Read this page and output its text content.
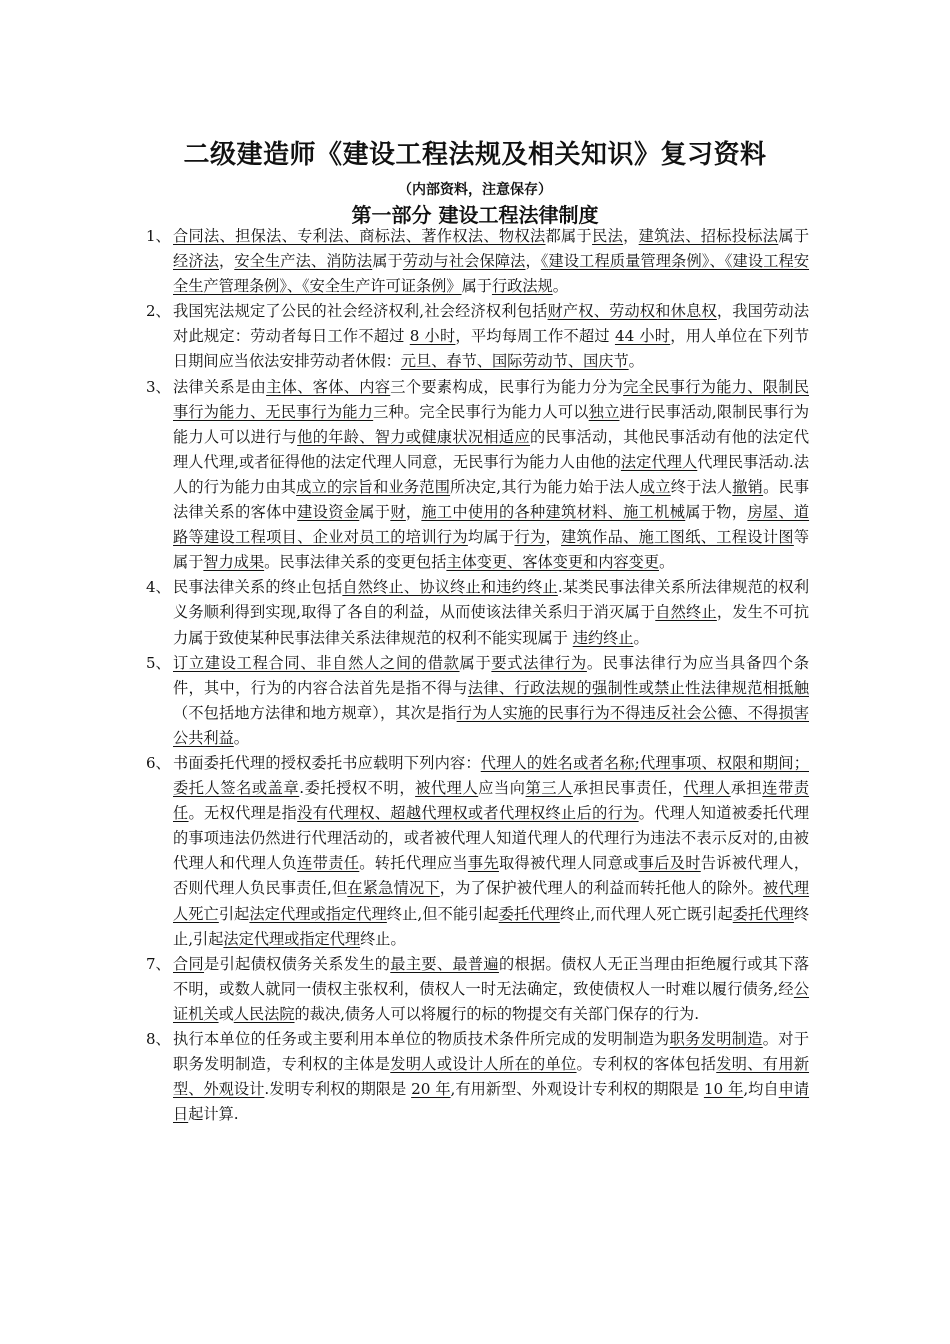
二级建造师《建设工程法规及相关知识》复习资料
（内部资料，注意保存）
第一部分 建设工程法律制度
1、 合同法、担保法、专利法、商标法、著作权法、物权法都属于民法，建筑法、招标投标法属于经济法，安全生产法、消防法属于劳动与社会保障法，《建设工程质量管理条例》、《建设工程安全生产管理条例》、《安全生产许可证条例》属于行政法规。
2、 我国宪法规定了公民的社会经济权利,社会经济权利包括财产权、劳动权和休息权，我国劳动法对此规定：劳动者每日工作不超过 8 小时，平均每周工作不超过 44 小时，用人单位在下列节日期间应当依法安排劳动者休假：元旦、春节、国际劳动节、国庆节。
3、 法律关系是由主体、客体、内容三个要素构成，民事行为能力分为完全民事行为能力、限制民事行为能力、无民事行为能力三种。完全民事行为能力人可以独立进行民事活动,限制民事行为能力人可以进行与他的年龄、智力或健康状况相适应的民事活动，其他民事活动有他的法定代理人代理,或者征得他的法定代理人同意，无民事行为能力人由他的法定代理人代理民事活动.法人的行为能力由其成立的宗旨和业务范围所决定,其行为能力始于法人成立终于法人撤销。民事法律关系的客体中建设资金属于财，施工中使用的各种建筑材料、施工机械属于物，房屋、道路等建设工程项目、企业对员工的培训行为均属于行为，建筑作品、施工图纸、工程设计图等属于智力成果。民事法律关系的变更包括主体变更、客体变更和内容变更。
4、 民事法律关系的终止包括自然终止、协议终止和违约终止.某类民事法律关系所法律规范的权利义务顺利得到实现,取得了各自的利益，从而使该法律关系归于消灭属于自然终止，发生不可抗力属于致使某种民事法律关系法律规范的权利不能实现属于 违约终止。
5、 订立建设工程合同、非自然人之间的借款属于要式法律行为。民事法律行为应当具备四个条件，其中，行为的内容合法首先是指不得与法律、行政法规的强制性或禁止性法律规范相抵触（不包括地方法律和地方规章），其次是指行为人实施的民事行为不得违反社会公德、不得损害公共利益。
6、 书面委托代理的授权委托书应载明下列内容：代理人的姓名或者名称;代理事项、权限和期间；委托人签名或盖章.委托授权不明，被代理人应当向第三人承担民事责任，代理人承担连带责任。无权代理是指没有代理权、超越代理权或者代理权终止后的行为。代理人知道被委托代理的事项违法仍然进行代理活动的，或者被代理人知道代理人的代理行为违法不表示反对的,由被代理人和代理人负连带责任。转托代理应当事先取得被代理人同意或事后及时告诉被代理人，否则代理人负民事责任,但在紧急情况下，为了保护被代理人的利益而转托他人的除外。被代理人死亡引起法定代理或指定代理终止,但不能引起委托代理终止,而代理人死亡既引起委托代理终止,引起法定代理或指定代理终止。
7、 合同是引起债权债务关系发生的最主要、最普遍的根据。债权人无正当理由拒绝履行或其下落不明，或数人就同一债权主张权利，债权人一时无法确定，致使债权人一时难以履行债务,经公证机关或人民法院的裁决,债务人可以将履行的标的物提交有关部门保存的行为.
8、 执行本单位的任务或主要利用本单位的物质技术条件所完成的发明制造为职务发明制造。对于职务发明制造，专利权的主体是发明人或设计人所在的单位。专利权的客体包括发明、有用新型、外观设计.发明专利权的期限是 20 年,有用新型、外观设计专利权的期限是 10 年,均自申请日起计算.
